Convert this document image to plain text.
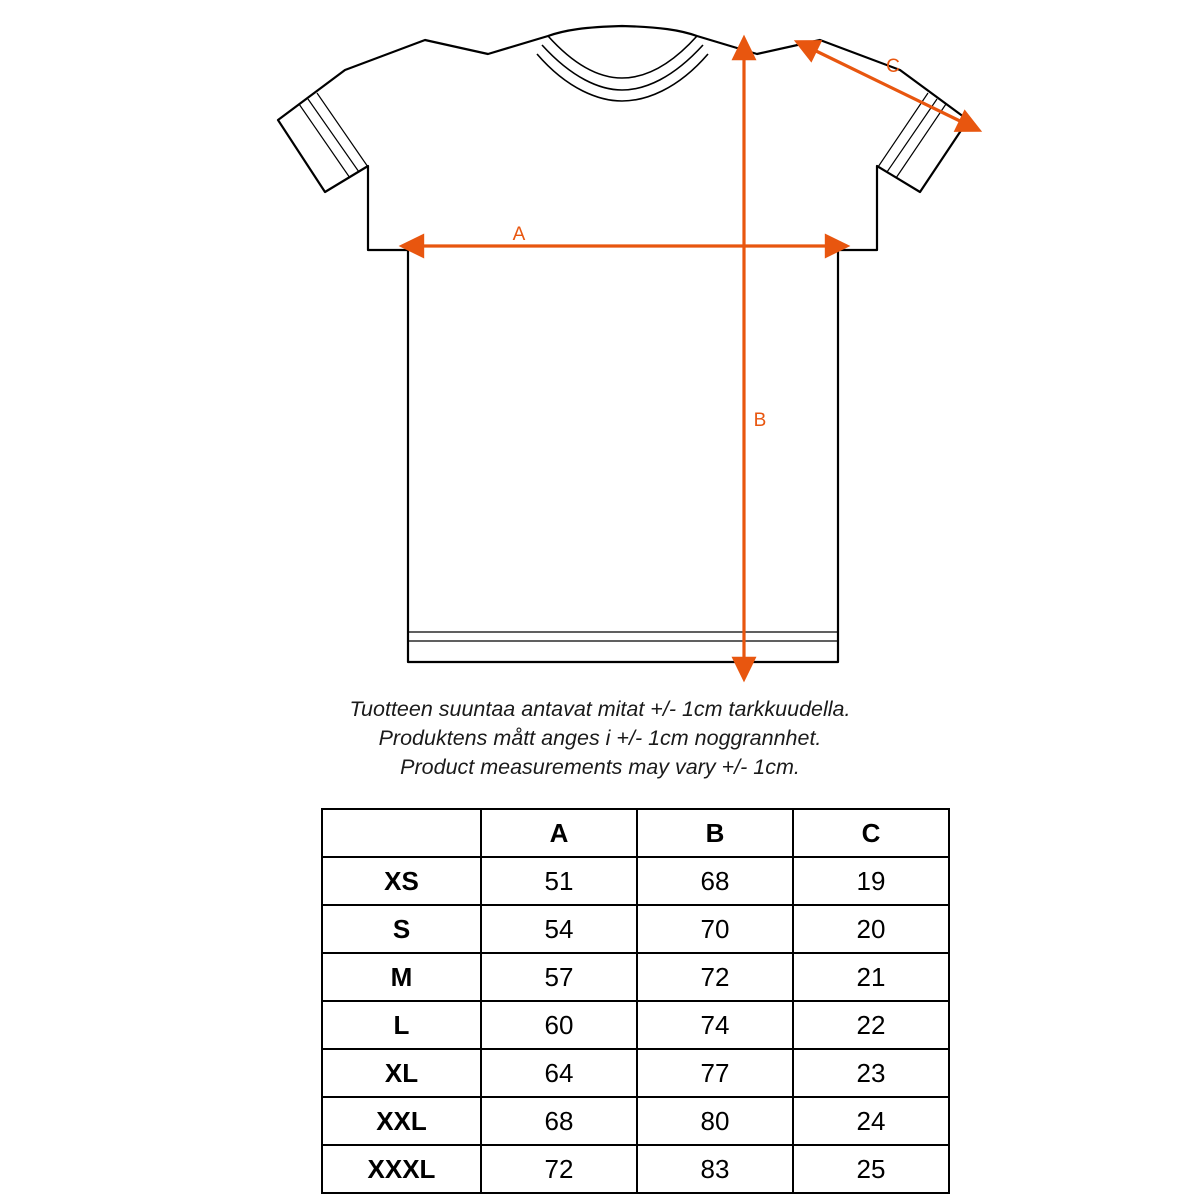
A
B
C
Tuotteen suuntaa antavat mitat +/- 1cm tarkkuudella.
Produktens mått anges i +/- 1cm noggrannhet.
Product measurements may vary +/- 1cm.
	A	B	C
XS	51	68	19
S	54	70	20
M	57	72	21
L	60	74	22
XL	64	77	23
XXL	68	80	24
XXXL	72	83	25
